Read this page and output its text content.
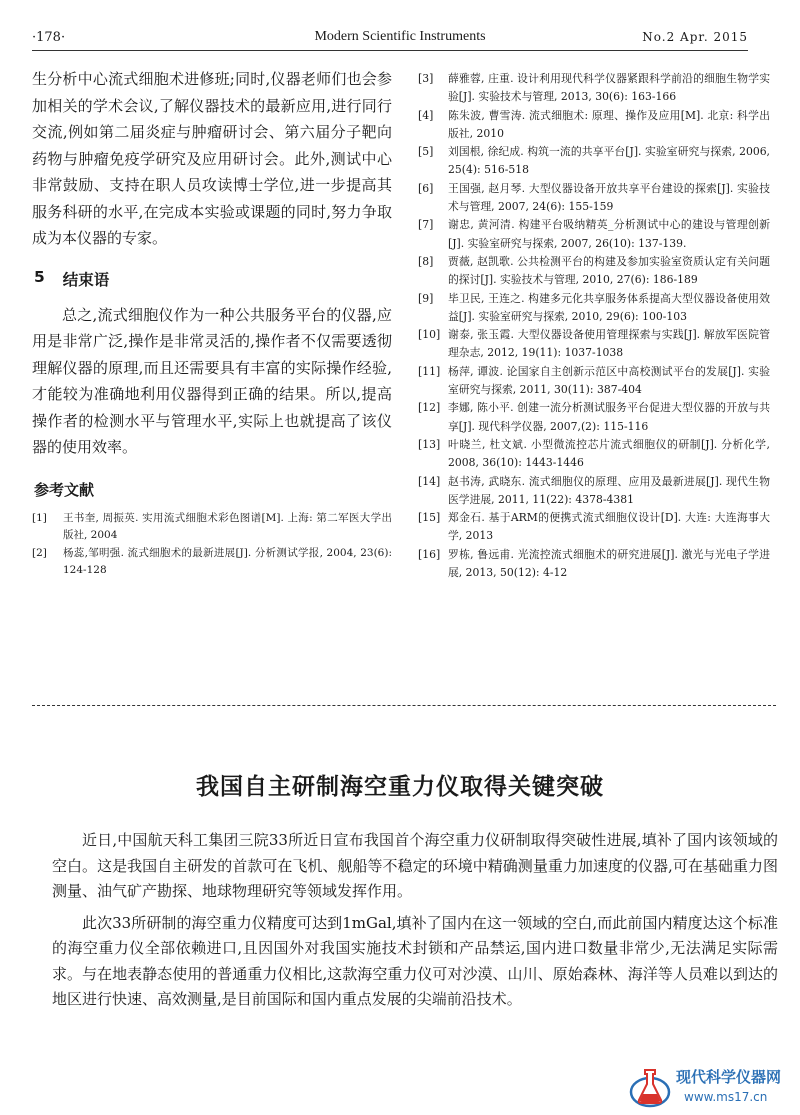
·178·	Modern Scientific Instruments	No.2 Apr. 2015

生分析中心流式细胞术进修班;同时,仪器老师们也会参加相关的学术会议,了解仪器技术的最新应用,进行同行交流,例如第二届炎症与肿瘤研讨会、第六届分子靶向药物与肿瘤免疫学研究及应用研讨会。此外,测试中心非常鼓励、支持在职人员攻读博士学位,进一步提高其服务科研的水平,在完成本实验或课题的同时,努力争取成为本仪器的专家。

5 结束语

总之,流式细胞仪作为一种公共服务平台的仪器,应用是非常广泛,操作是非常灵活的,操作者不仅需要透彻理解仪器的原理,而且还需要具有丰富的实际操作经验,才能较为准确地利用仪器得到正确的结果。所以,提高操作者的检测水平与管理水平,实际上也就提高了该仪器的使用效率。

参考文献
[1]	王书奎, 周振英. 实用流式细胞术彩色图谱[M]. 上海: 第二军医大学出版社, 2004
[2]	杨蕊,邹明强. 流式细胞术的最新进展[J]. 分析测试学报, 2004, 23(6): 124-128
[3]	薛雅蓉, 庄重. 设计利用现代科学仪器紧跟科学前沿的细胞生物学实验[J]. 实验技术与管理, 2013, 30(6): 163-166
[4]	陈朱波, 曹雪涛. 流式细胞术: 原理、操作及应用[M]. 北京: 科学出版社, 2010
[5]	刘国根, 徐纪成. 构筑一流的共享平台[J]. 实验室研究与探索, 2006, 25(4): 516-518
[6]	王国强, 赵月琴. 大型仪器设备开放共享平台建设的探索[J]. 实验技术与管理, 2007, 24(6): 155-159
[7]	谢忠, 黄河清. 构建平台吸纳精英_分析测试中心的建设与管理创新[J]. 实验室研究与探索, 2007, 26(10): 137-139.
[8]	贾薇, 赵凯歌. 公共检测平台的构建及参加实验室资质认定有关问题的探讨[J]. 实验技术与管理, 2010, 27(6): 186-189
[9]	毕卫民, 王连之. 构建多元化共享服务体系提高大型仪器设备使用效益[J]. 实验室研究与探索, 2010, 29(6): 100-103
[10] 谢泰, 张玉霞. 大型仪器设备使用管理探索与实践[J]. 解放军医院管理杂志, 2012, 19(11): 1037-1038
[11] 杨萍, 谭波. 论国家自主创新示范区中高校测试平台的发展[J]. 实验室研究与探索, 2011, 30(11): 387-404
[12] 李娜, 陈小平. 创建一流分析测试服务平台促进大型仪器的开放与共享[J]. 现代科学仪器, 2007,(2): 115-116
[13] 叶晓兰, 杜文斌. 小型微流控芯片流式细胞仪的研制[J]. 分析化学, 2008, 36(10): 1443-1446
[14] 赵书涛, 武晓东. 流式细胞仪的原理、应用及最新进展[J]. 现代生物医学进展, 2011, 11(22): 4378-4381
[15] 郑金石. 基于ARM的便携式流式细胞仪设计[D]. 大连: 大连海事大学, 2013
[16] 罗栋, 鲁远甫. 光流控流式细胞术的研究进展[J]. 激光与光电子学进展, 2013, 50(12): 4-12
我国自主研制海空重力仪取得关键突破

近日,中国航天科工集团三院33所近日宣布我国首个海空重力仪研制取得突破性进展,填补了国内该领域的空白。这是我国自主研发的首款可在飞机、舰船等不稳定的环境中精确测量重力加速度的仪器,可在基础重力图测量、油气矿产勘探、地球物理研究等领域发挥作用。

此次33所研制的海空重力仪精度可达到1mGal,填补了国内在这一领域的空白,而此前国内精度达这个标准的海空重力仪全部依赖进口,且因国外对我国实施技术封锁和产品禁运,国内进口数量非常少,无法满足实际需求。与在地表静态使用的普通重力仪相比,这款海空重力仪可对沙漠、山川、原始森林、海洋等人员难以到达的地区进行快速、高效测量,是目前国际和国内重点发展的尖端前沿技术。

现代科学仪器网
www.ms17.cn
